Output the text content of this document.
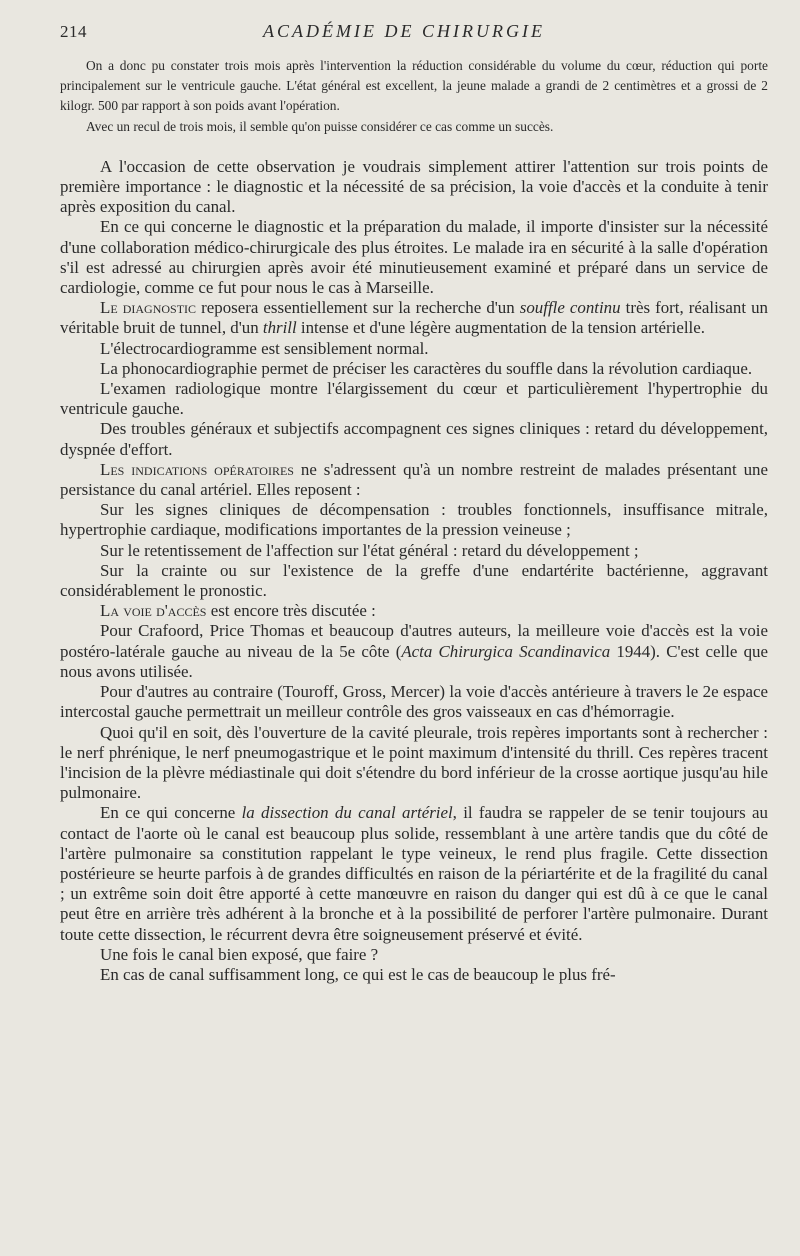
214	ACADÉMIE DE CHIRURGIE

On a donc pu constater trois mois après l'intervention la réduction considérable du volume du cœur, réduction qui porte principalement sur le ventricule gauche. L'état général est excellent, la jeune malade a grandi de 2 centimètres et a grossi de 2 kilogr. 500 par rapport à son poids avant l'opération.

Avec un recul de trois mois, il semble qu'on puisse considérer ce cas comme un succès.

A l'occasion de cette observation je voudrais simplement attirer l'attention sur trois points de première importance : le diagnostic et la nécessité de sa précision, la voie d'accès et la conduite à tenir après exposition du canal.

En ce qui concerne le diagnostic et la préparation du malade, il importe d'insister sur la nécessité d'une collaboration médico-chirurgicale des plus étroites. Le malade ira en sécurité à la salle d'opération s'il est adressé au chirurgien après avoir été minutieusement examiné et préparé dans un service de cardiologie, comme ce fut pour nous le cas à Marseille.

Le diagnostic reposera essentiellement sur la recherche d'un souffle continu très fort, réalisant un véritable bruit de tunnel, d'un thrill intense et d'une légère augmentation de la tension artérielle.

L'électrocardiogramme est sensiblement normal.

La phonocardiographie permet de préciser les caractères du souffle dans la révolution cardiaque.

L'examen radiologique montre l'élargissement du cœur et particulièrement l'hypertrophie du ventricule gauche.

Des troubles généraux et subjectifs accompagnent ces signes cliniques : retard du développement, dyspnée d'effort.

Les indications opératoires ne s'adressent qu'à un nombre restreint de malades présentant une persistance du canal artériel. Elles reposent :

Sur les signes cliniques de décompensation : troubles fonctionnels, insuffisance mitrale, hypertrophie cardiaque, modifications importantes de la pression veineuse ;

Sur le retentissement de l'affection sur l'état général : retard du développement ;

Sur la crainte ou sur l'existence de la greffe d'une endartérite bactérienne, aggravant considérablement le pronostic.

La voie d'accès est encore très discutée :

Pour Crafoord, Price Thomas et beaucoup d'autres auteurs, la meilleure voie d'accès est la voie postéro-latérale gauche au niveau de la 5e côte (Acta Chirurgica Scandinavica 1944). C'est celle que nous avons utilisée.

Pour d'autres au contraire (Touroff, Gross, Mercer) la voie d'accès antérieure à travers le 2e espace intercostal gauche permettrait un meilleur contrôle des gros vaisseaux en cas d'hémorragie.

Quoi qu'il en soit, dès l'ouverture de la cavité pleurale, trois repères importants sont à rechercher : le nerf phrénique, le nerf pneumogastrique et le point maximum d'intensité du thrill. Ces repères tracent l'incision de la plèvre médiastinale qui doit s'étendre du bord inférieur de la crosse aortique jusqu'au hile pulmonaire.

En ce qui concerne la dissection du canal artériel, il faudra se rappeler de se tenir toujours au contact de l'aorte où le canal est beaucoup plus solide, ressemblant à une artère tandis que du côté de l'artère pulmonaire sa constitution rappelant le type veineux, le rend plus fragile. Cette dissection postérieure se heurte parfois à de grandes difficultés en raison de la périartérite et de la fragilité du canal ; un extrême soin doit être apporté à cette manœuvre en raison du danger qui est dû à ce que le canal peut être en arrière très adhérent à la bronche et à la possibilité de perforer l'artère pulmonaire. Durant toute cette dissection, le récurrent devra être soigneusement préservé et évité.

Une fois le canal bien exposé, que faire ?

En cas de canal suffisamment long, ce qui est le cas de beaucoup le plus fré-
